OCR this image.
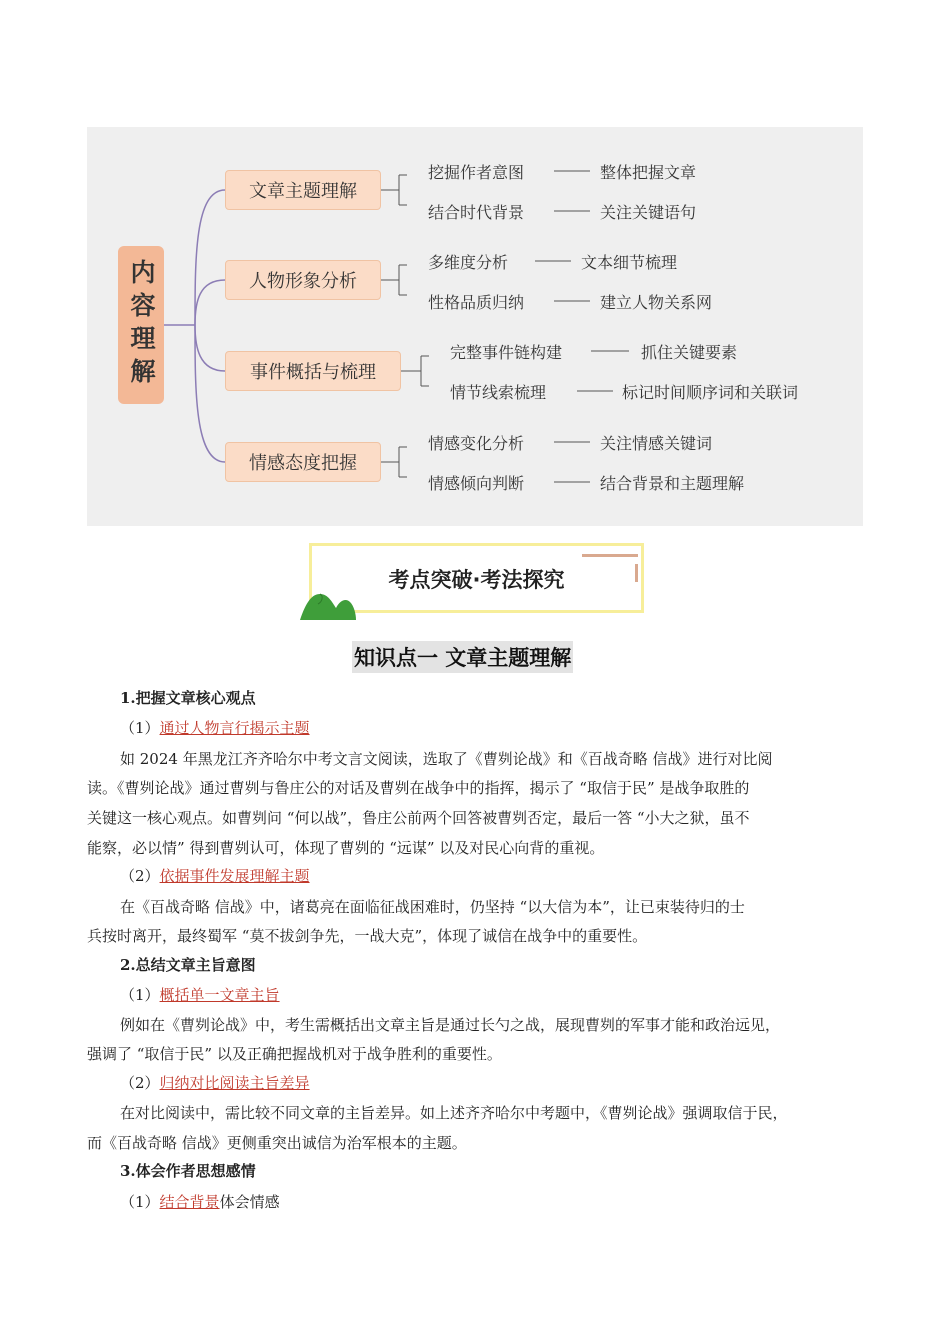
内容理解
文章主题理解
人物形象分析
事件概括与梳理
情感态度把握
挖掘作者意图	整体把握文章
结合时代背景	关注关键语句
多维度分析	文本细节梳理
性格品质归纳	建立人物关系网
完整事件链构建	抓住关键要素
情节线索梳理	标记时间顺序词和关联词
情感变化分析	关注情感关键词
情感倾向判断	结合背景和主题理解
考点突破·考法探究
知识点一 文章主题理解
1.把握文章核心观点
（1）通过人物言行揭示主题
如 2024 年黑龙江齐齐哈尔中考文言文阅读，选取了《曹刿论战》和《百战奇略 信战》进行对比阅
读。《曹刿论战》通过曹刿与鲁庄公的对话及曹刿在战争中的指挥，揭示了 “取信于民” 是战争取胜的
关键这一核心观点。如曹刿问 “何以战”，鲁庄公前两个回答被曹刿否定，最后一答 “小大之狱，虽不
能察，必以情” 得到曹刿认可，体现了曹刿的 “远谋” 以及对民心向背的重视。
（2）依据事件发展理解主题
在《百战奇略 信战》中，诸葛亮在面临征战困难时，仍坚持 “以大信为本”，让已束装待归的士
兵按时离开，最终蜀军 “莫不拔剑争先，一战大克”，体现了诚信在战争中的重要性。
2.总结文章主旨意图
（1）概括单一文章主旨
例如在《曹刿论战》中，考生需概括出文章主旨是通过长勺之战，展现曹刿的军事才能和政治远见，
强调了 “取信于民” 以及正确把握战机对于战争胜利的重要性。
（2）归纳对比阅读主旨差异
在对比阅读中，需比较不同文章的主旨差异。如上述齐齐哈尔中考题中，《曹刿论战》强调取信于民，
而《百战奇略 信战》更侧重突出诚信为治军根本的主题。
3.体会作者思想感情
（1）结合背景体会情感
